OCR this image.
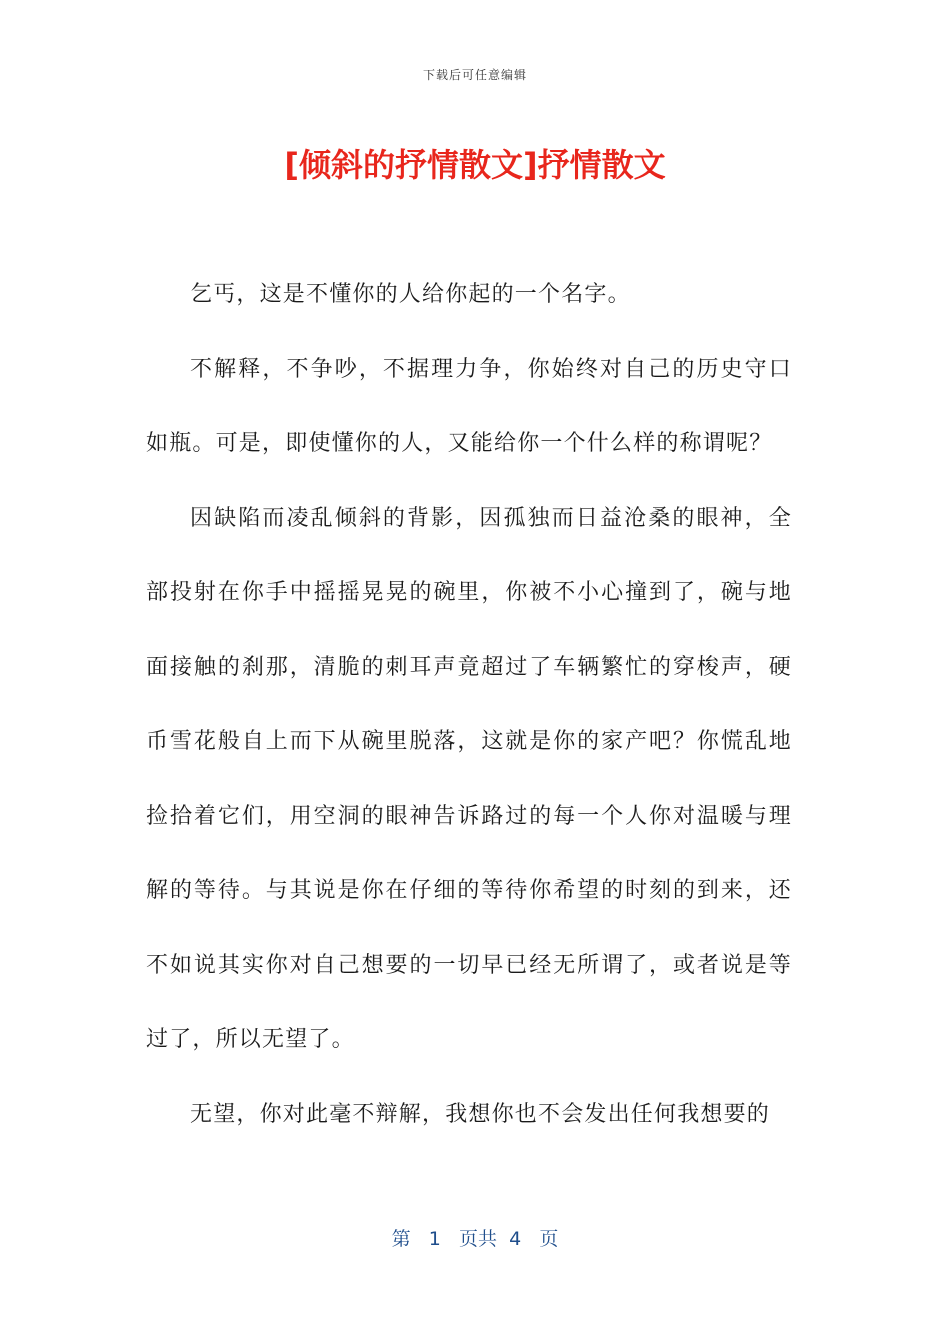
下载后可任意编辑
[倾斜的抒情散文]抒情散文

乞丐，这是不懂你的人给你起的一个名字。

不解释，不争吵，不据理力争，你始终对自己的历史守口如瓶。可是，即使懂你的人，又能给你一个什么样的称谓呢？

因缺陷而凌乱倾斜的背影，因孤独而日益沧桑的眼神，全部投射在你手中摇摇晃晃的碗里，你被不小心撞到了，碗与地面接触的刹那，清脆的刺耳声竟超过了车辆繁忙的穿梭声，硬币雪花般自上而下从碗里脱落，这就是你的家产吧？你慌乱地捡拾着它们，用空洞的眼神告诉路过的每一个人你对温暖与理解的等待。与其说是你在仔细的等待你希望的时刻的到来，还不如说其实你对自己想要的一切早已经无所谓了，或者说是等过了，所以无望了。

无望，你对此毫不辩解，我想你也不会发出任何我想要的

第 1 页共 4 页
